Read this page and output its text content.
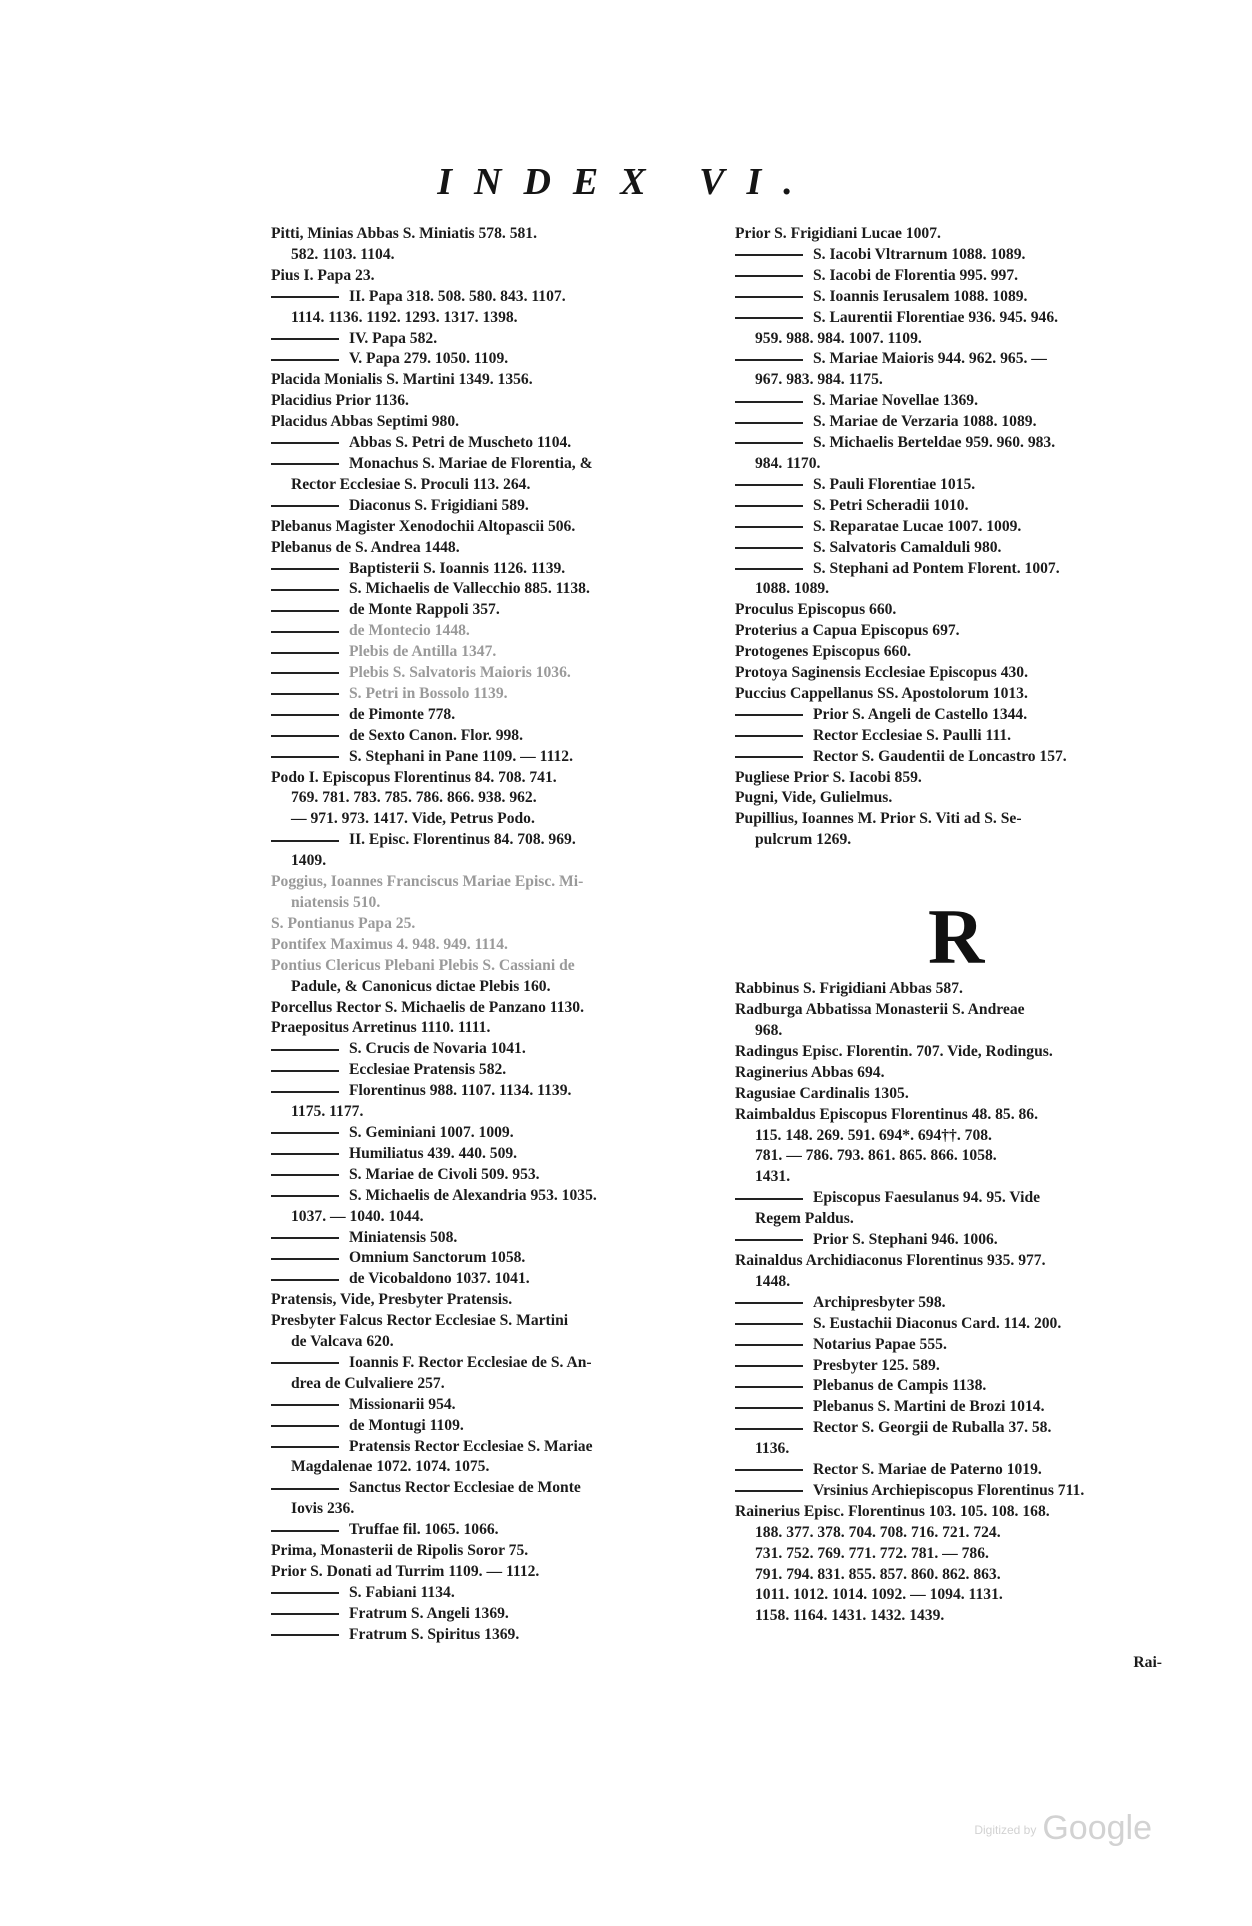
INDEX VI.

Pitti, Minias Abbas S. Miniatis 578. 581.

582. 1103. 1104.

Pius I. Papa 23.

II. Papa 318. 508. 580. 843. 1107.

1114. 1136. 1192. 1293. 1317. 1398.

IV. Papa 582.

V. Papa 279. 1050. 1109.

Placida Monialis S. Martini 1349. 1356.

Placidius Prior 1136.

Placidus Abbas Septimi 980.

Abbas S. Petri de Muscheto 1104.

Monachus S. Mariae de Florentia, &

Rector Ecclesiae S. Proculi 113. 264.

Diaconus S. Frigidiani 589.

Plebanus Magister Xenodochii Altopascii 506.

Plebanus de S. Andrea 1448.

Baptisterii S. Ioannis 1126. 1139.

S. Michaelis de Vallecchio 885. 1138.

de Monte Rappoli 357.

de Montecio 1448.

Plebis de Antilla 1347.

Plebis S. Salvatoris Maioris 1036.

S. Petri in Bossolo 1139.

de Pimonte 778.

de Sexto Canon. Flor. 998.

S. Stephani in Pane 1109. — 1112.

Podo I. Episcopus Florentinus 84. 708. 741.

769. 781. 783. 785. 786. 866. 938. 962.

— 971. 973. 1417. Vide, Petrus Podo.

II. Episc. Florentinus 84. 708. 969.

1409.

Poggius, Ioannes Franciscus Mariae Episc. Mi-

niatensis 510.

S. Pontianus Papa 25.

Pontifex Maximus 4. 948. 949. 1114.

Pontius Clericus Plebani Plebis S. Cassiani de

Padule, & Canonicus dictae Plebis 160.

Porcellus Rector S. Michaelis de Panzano 1130.

Praepositus Arretinus 1110. 1111.

S. Crucis de Novaria 1041.

Ecclesiae Pratensis 582.

Florentinus 988. 1107. 1134. 1139.

1175. 1177.

S. Geminiani 1007. 1009.

Humiliatus 439. 440. 509.

S. Mariae de Civoli 509. 953.

S. Michaelis de Alexandria 953. 1035.

1037. — 1040. 1044.

Miniatensis 508.

Omnium Sanctorum 1058.

de Vicobaldono 1037. 1041.

Pratensis, Vide, Presbyter Pratensis.

Presbyter Falcus Rector Ecclesiae S. Martini

de Valcava 620.

Ioannis F. Rector Ecclesiae de S. An-

drea de Culvaliere 257.

Missionarii 954.

de Montugi 1109.

Pratensis Rector Ecclesiae S. Mariae

Magdalenae 1072. 1074. 1075.

Sanctus Rector Ecclesiae de Monte

Iovis 236.

Truffae fil. 1065. 1066.

Prima, Monasterii de Ripolis Soror 75.

Prior S. Donati ad Turrim 1109. — 1112.

S. Fabiani 1134.

Fratrum S. Angeli 1369.

Fratrum S. Spiritus 1369.

Prior S. Frigidiani Lucae 1007.

S. Iacobi Vltrarnum 1088. 1089.

S. Iacobi de Florentia 995. 997.

S. Ioannis Ierusalem 1088. 1089.

S. Laurentii Florentiae 936. 945. 946.

959. 988. 984. 1007. 1109.

S. Mariae Maioris 944. 962. 965. —

967. 983. 984. 1175.

S. Mariae Novellae 1369.

S. Mariae de Verzaria 1088. 1089.

S. Michaelis Berteldae 959. 960. 983.

984. 1170.

S. Pauli Florentiae 1015.

S. Petri Scheradii 1010.

S. Reparatae Lucae 1007. 1009.

S. Salvatoris Camalduli 980.

S. Stephani ad Pontem Florent. 1007.

1088. 1089.

Proculus Episcopus 660.

Proterius a Capua Episcopus 697.

Protogenes Episcopus 660.

Protoya Saginensis Ecclesiae Episcopus 430.

Puccius Cappellanus SS. Apostolorum 1013.

Prior S. Angeli de Castello 1344.

Rector Ecclesiae S. Paulli 111.

Rector S. Gaudentii de Loncastro 157.

Pugliese Prior S. Iacobi 859.

Pugni, Vide, Gulielmus.

Pupillius, Ioannes M. Prior S. Viti ad S. Se-

pulcrum 1269.

Rabbinus S. Frigidiani Abbas 587.

Radburga Abbatissa Monasterii S. Andreae

968.

Radingus Episc. Florentin. 707. Vide, Rodingus.

Raginerius Abbas 694.

Ragusiae Cardinalis 1305.

Raimbaldus Episcopus Florentinus 48. 85. 86.

115. 148. 269. 591. 694*. 694††. 708.

781. — 786. 793. 861. 865. 866. 1058.

1431.

Episcopus Faesulanus 94. 95. Vide

Regem Paldus.

Prior S. Stephani 946. 1006.

Rainaldus Archidiaconus Florentinus 935. 977.

1448.

Archipresbyter 598.

S. Eustachii Diaconus Card. 114. 200.

Notarius Papae 555.

Presbyter 125. 589.

Plebanus de Campis 1138.

Plebanus S. Martini de Brozi 1014.

Rector S. Georgii de Ruballa 37. 58.

1136.

Rector S. Mariae de Paterno 1019.

Vrsinius Archiepiscopus Florentinus 711.

Rainerius Episc. Florentinus 103. 105. 108. 168.

188. 377. 378. 704. 708. 716. 721. 724.

731. 752. 769. 771. 772. 781. — 786.

791. 794. 831. 855. 857. 860. 862. 863.

1011. 1012. 1014. 1092. — 1094. 1131.

1158. 1164. 1431. 1432. 1439.

R
Rai-
Digitized by Google
